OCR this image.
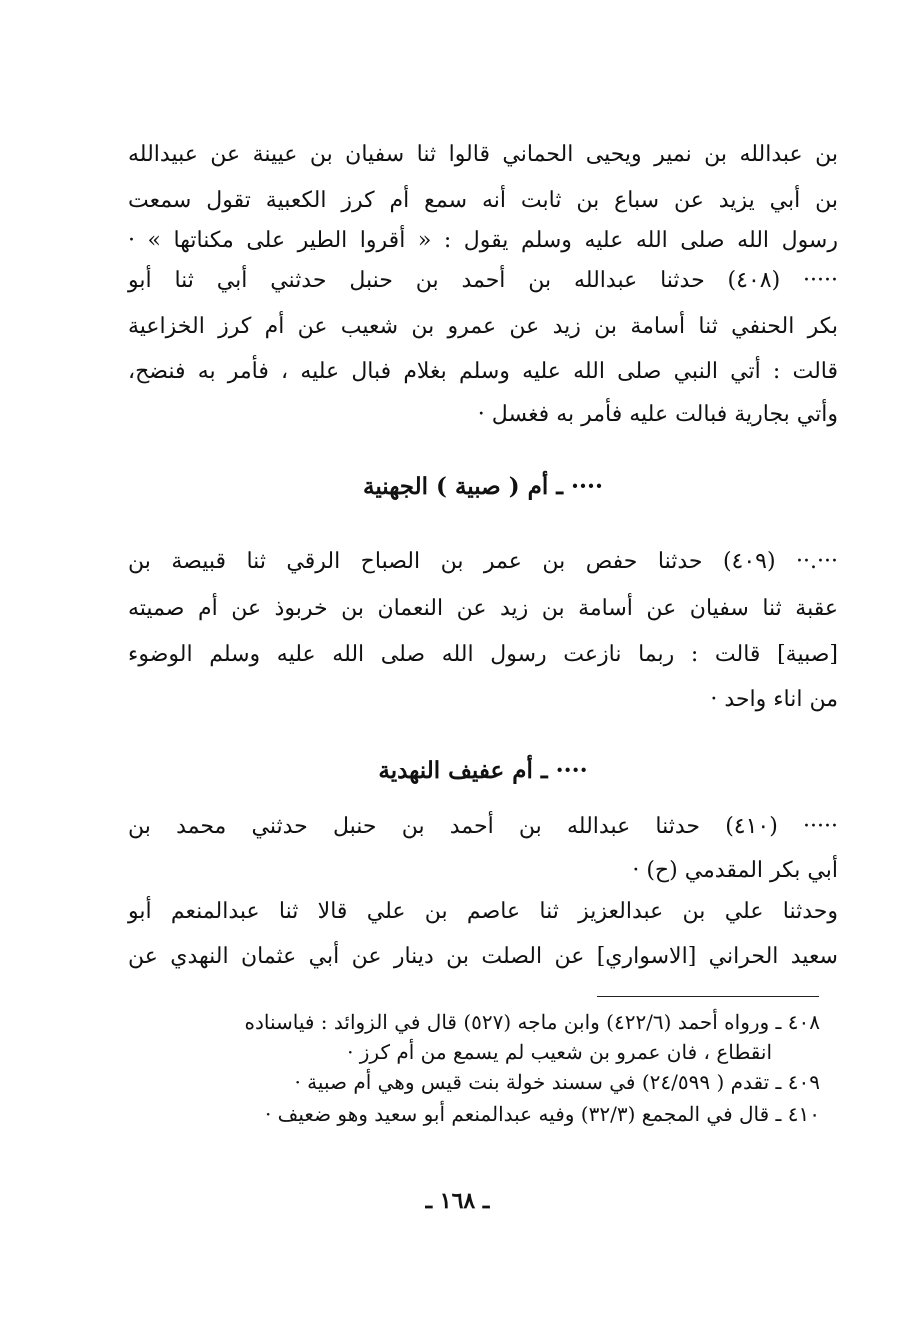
بن عبدالله بن نمير ويحيى الحماني قالوا ثنا سفيان بن عيينة عن عبيدالله
بن أبي يزيد عن سباع بن ثابت أنه سمع أم كرز الكعبية تقول سمعت
رسول الله صلى الله عليه وسلم يقول : « أقروا الطير على مكناتها » ·
····· (٤٠٨) حدثنا عبدالله بن أحمد بن حنبل حدثني أبي ثنا أبو
بكر الحنفي ثنا أسامة بن زيد عن عمرو بن شعيب عن أم كرز الخزاعية
قالت : أتي النبي صلى الله عليه وسلم بغلام فبال عليه ، فأمر به فنضح،
وأتي بجارية فبالت عليه فأمر به فغسل ·
···· ـ أم ( صبية ) الجهنية
···.·· (٤٠٩) حدثنا حفص بن عمر بن الصباح الرقي ثنا قبيصة بن
عقبة ثنا سفيان عن أسامة بن زيد عن النعمان بن خربوذ عن أم صميته
[صبية] قالت : ربما نازعت رسول الله صلى الله عليه وسلم الوضوء
من اناء واحد ·
···· ـ أم عفيف النهدية
····· (٤١٠) حدثنا عبدالله بن أحمد بن حنبل حدثني محمد بن
أبي بكر المقدمي (ح) ·
وحدثنا علي بن عبدالعزيز ثنا عاصم بن علي قالا ثنا عبدالمنعم أبو
سعيد الحراني [الاسواري] عن الصلت بن دينار عن أبي عثمان النهدي عن
٤٠٨ ـ ورواه أحمد (٤٢٢/٦) وابن ماجه (٥٢٧) قال في الزوائد : فياسناده
انقطاع ، فان عمرو بن شعيب لم يسمع من أم كرز ·
٤٠٩ ـ تقدم ( ٢٤/٥٩٩) في سسند خولة بنت قيس وهي أم صبية ·
٤١٠ ـ قال في المجمع (٣٢/٣) وفيه عبدالمنعم أبو سعيد وهو ضعيف ·
ـ ١٦٨ ـ
